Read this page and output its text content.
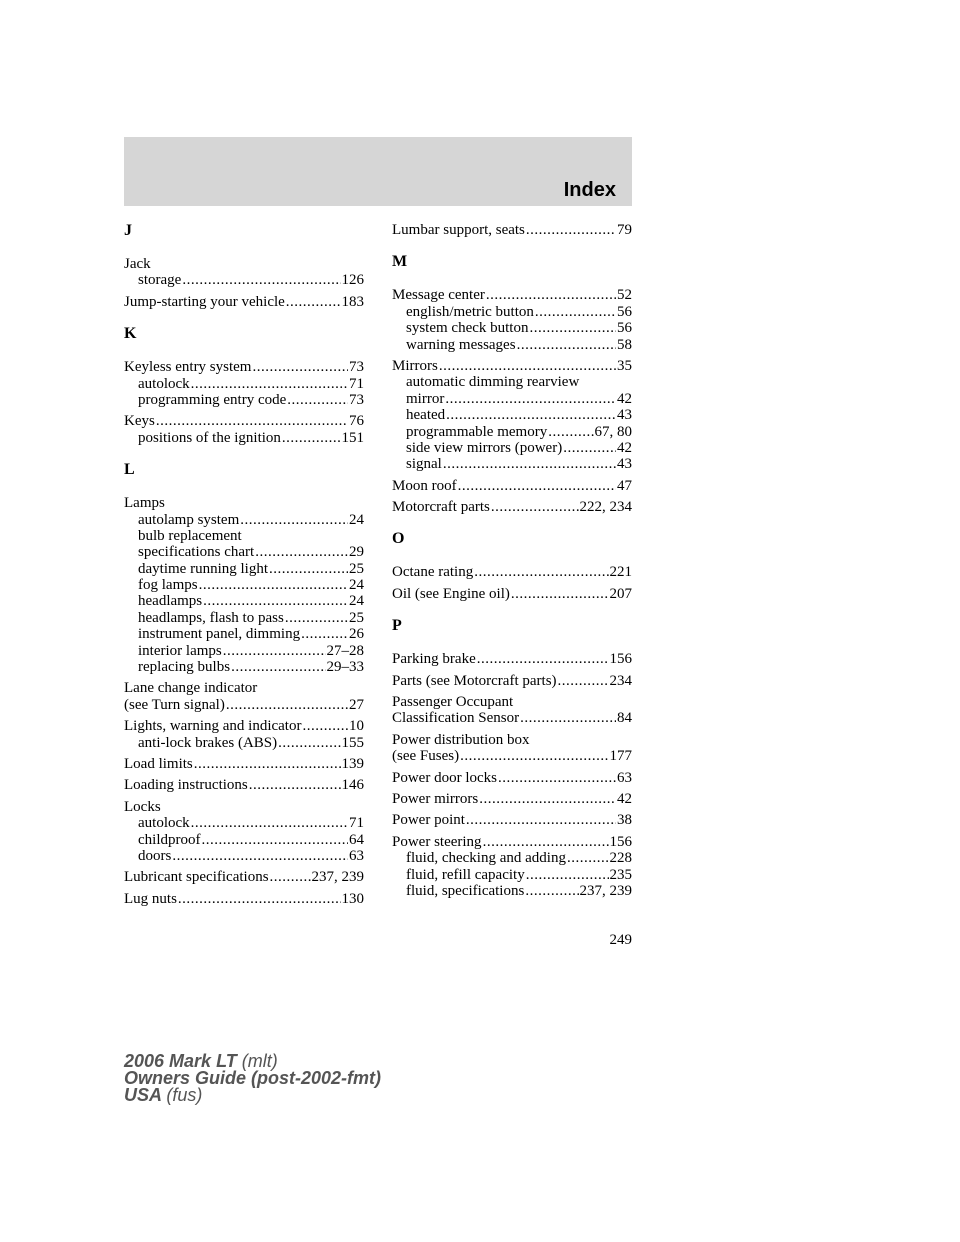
Index
J
Jack
storage .....	126
Jump-starting your vehicle .....	183
K
Keyless entry system .....	73
autolock .....	71
programming entry code .....	73
Keys .....	76
positions of the ignition .....	151
L
Lamps
autolamp system .....	24
bulb replacement
specifications chart .....	29
daytime running light .....	25
fog lamps .....	24
headlamps .....	24
headlamps, flash to pass .....	25
instrument panel, dimming .....	26
interior lamps .....	27–28
replacing bulbs .....	29–33
Lane change indicator
(see Turn signal) .....	27
Lights, warning and indicator .....	10
anti-lock brakes (ABS) .....	155
Load limits .....	139
Loading instructions .....	146
Locks
autolock .....	71
childproof .....	64
doors .....	63
Lubricant specifications .....	237, 239
Lug nuts .....	130
Lumbar support, seats .....	79
M
Message center .....	52
english/metric button .....	56
system check button .....	56
warning messages .....	58
Mirrors .....	35
automatic dimming rearview
mirror .....	42
heated .....	43
programmable memory .....	67, 80
side view mirrors (power) .....	42
signal .....	43
Moon roof .....	47
Motorcraft parts .....	222, 234
O
Octane rating .....	221
Oil (see Engine oil) .....	207
P
Parking brake .....	156
Parts (see Motorcraft parts) .....	234
Passenger Occupant
Classification Sensor .....	84
Power distribution box
(see Fuses) .....	177
Power door locks .....	63
Power mirrors .....	42
Power point .....	38
Power steering .....	156
fluid, checking and adding .....	228
fluid, refill capacity .....	235
fluid, specifications .....	237, 239
249
2006 Mark LT (mlt)
Owners Guide (post-2002-fmt)
USA (fus)
